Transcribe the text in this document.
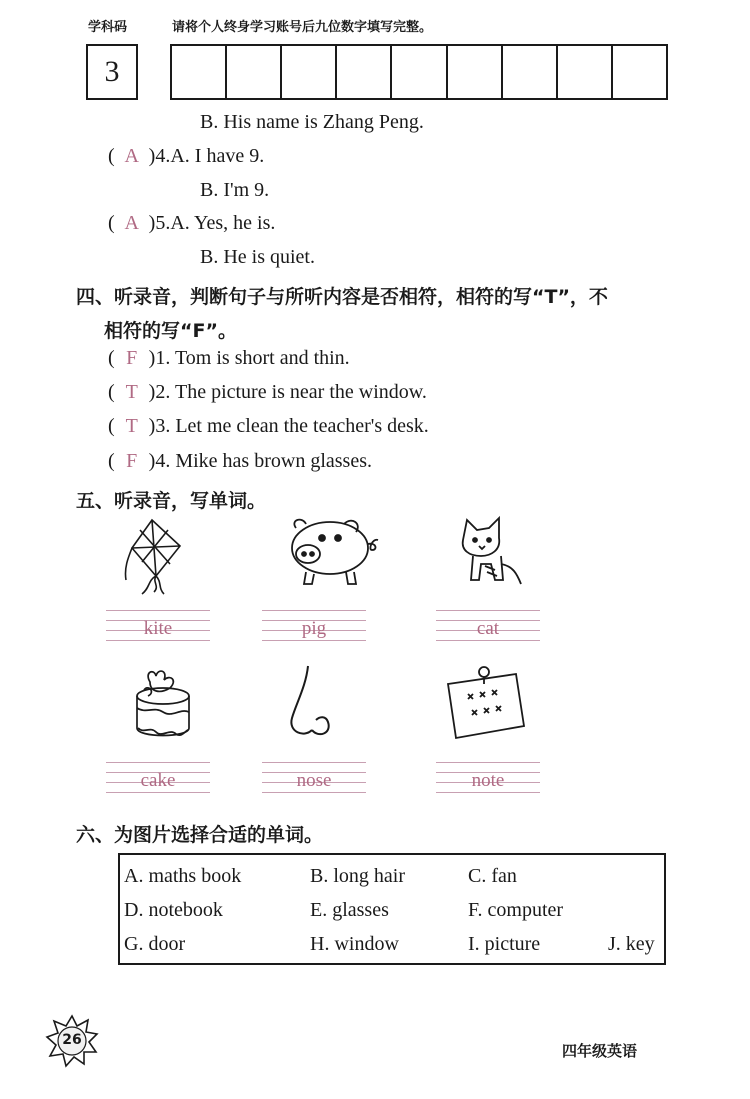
学科码	请将个人终身学习账号后九位数字填写完整。
3
B. His name is Zhang Peng.
( A )4.A. I have 9.
B. I'm 9.
( A )5.A. Yes, he is.
B. He is quiet.
四、听录音，判断句子与所听内容是否相符，相符的写“T”，不
相符的写“F”。
( F )1. Tom is short and thin.
( T )2. The picture is near the window.
( T )3. Let me clean the teacher's desk.
( F )4. Mike has brown glasses.
五、听录音，写单词。
kite	pig	cat
cake	nose	note
六、为图片选择合适的单词。
A. maths book	B. long hair	C. fan
D. notebook	E. glasses	F. computer
G. door	H. window	I. picture	J. key
26
四年级英语
